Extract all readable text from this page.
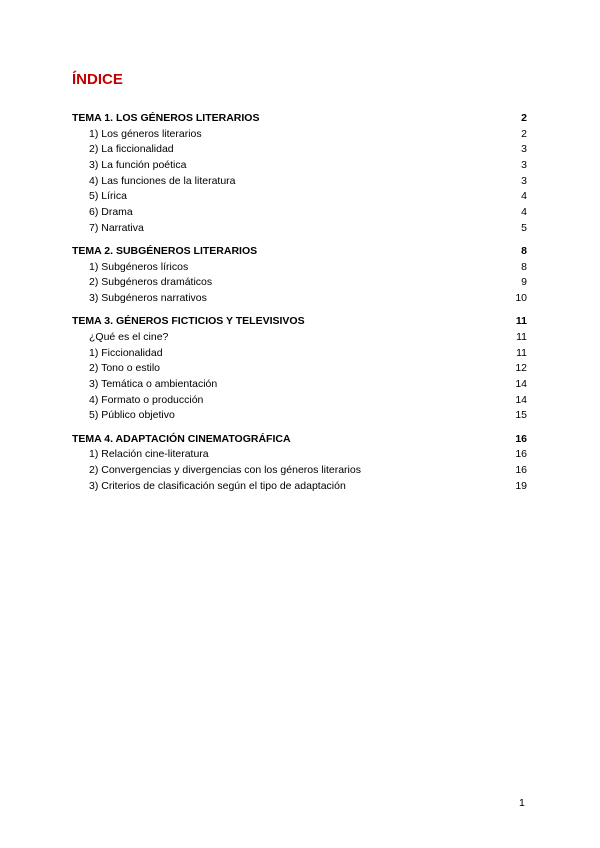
ÍNDICE
TEMA 1. LOS GÉNEROS LITERARIOS	2
1) Los géneros literarios	2
2) La ficcionalidad	3
3) La función poética	3
4) Las funciones de la literatura	3
5) Lírica	4
6) Drama	4
7) Narrativa	5
TEMA 2. SUBGÉNEROS LITERARIOS	8
1) Subgéneros líricos	8
2) Subgéneros dramáticos	9
3) Subgéneros narrativos	10
TEMA 3. GÉNEROS FICTICIOS Y TELEVISIVOS	11
¿Qué es el cine?	11
1) Ficcionalidad	11
2) Tono o estilo	12
3) Temática o ambientación	14
4) Formato o producción	14
5) Público objetivo	15
TEMA 4. ADAPTACIÓN CINEMATOGRÁFICA	16
1) Relación cine-literatura	16
2) Convergencias y divergencias con los géneros literarios	16
3) Criterios de clasificación según el tipo de adaptación	19
1
